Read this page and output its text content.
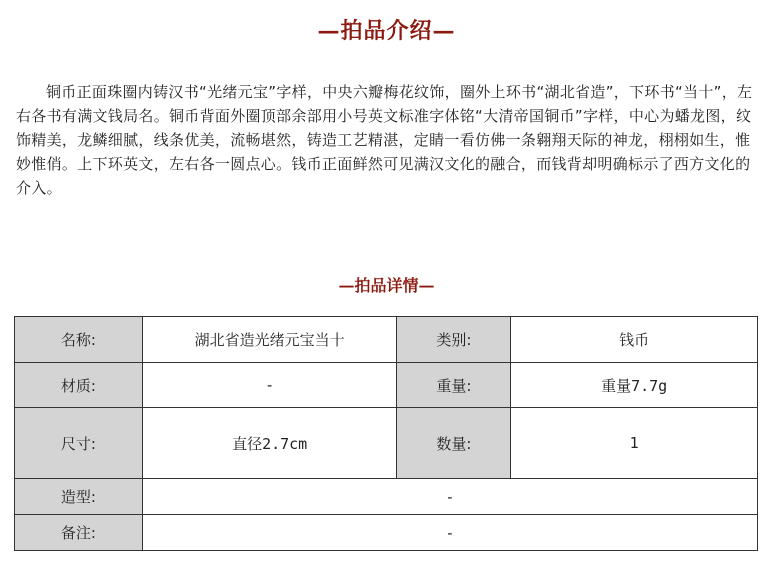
—拍品介绍—
铜币正面珠圈内铸汉书“光绪元宝”字样，中央六瓣梅花纹饰，圈外上环书“湖北省造”，下环书“当十”，左右各书有满文钱局名。铜币背面外圈顶部余部用小号英文标准字体铭“大清帝国铜币”字样，中心为蟠龙图，纹饰精美，龙鳞细腻，线条优美，流畅堪然，铸造工艺精湛，定睛一看仿佛一条翱翔天际的神龙，栩栩如生，惟妙惟俏。上下环英文，左右各一圆点心。钱币正面鲜然可见满汉文化的融合，而钱背却明确标示了西方文化的介入。
—拍品详情—
名称:	湖北省造光绪元宝当十	类别:	钱币
材质:	-	重量:	重量7.7g
尺寸:	直径2.7cm	数量:	1
造型:	-		
备注:	-		
